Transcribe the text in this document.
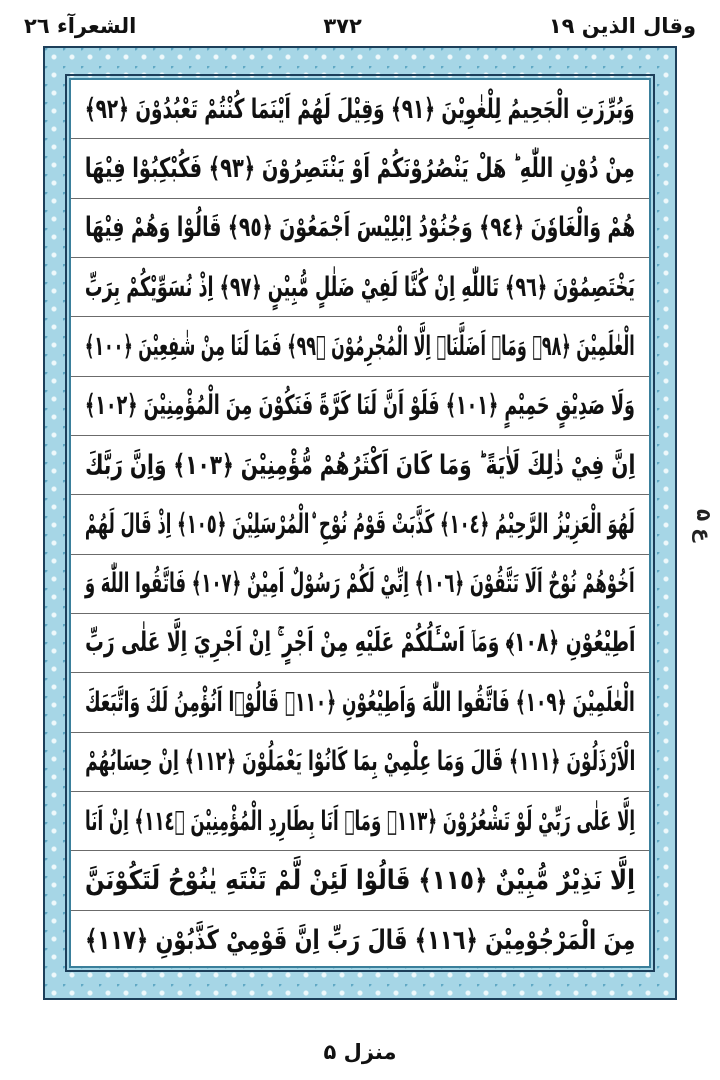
وقال الذين ١٩
٣٧٢
الشعرآء ٢٦
وَبُرِّزَتِ الْجَحِيمُ لِلْغٰوِيْنَ ﴿٩١﴾ وَقِيْلَ لَهُمْ اَيْنَمَا كُنْتُمْ تَعْبُدُوْنَ ﴿٩٢﴾
مِنْ دُوْنِ اللّٰهِ ؕ هَلْ يَنْصُرُوْنَكُمْ اَوْ يَنْتَصِرُوْنَ ﴿٩٣﴾ فَكُبْكِبُوْا فِيْهَا
هُمْ وَالْغَاوٗنَ ﴿٩٤﴾ وَجُنُوْدُ اِبْلِيْسَ اَجْمَعُوْنَ ﴿٩٥﴾ قَالُوْا وَهُمْ فِيْهَا
يَخْتَصِمُوْنَ ﴿٩٦﴾ تَاللّٰهِ اِنْ كُنَّا لَفِيْ ضَلٰلٍ مُّبِيْنٍ ﴿٩٧﴾ اِذْ نُسَوِّيْكُمْ بِرَبِّ
الْعٰلَمِيْنَ ﴿٩٨﴾ وَمَاۤ اَضَلَّنَاۤ اِلَّا الْمُجْرِمُوْنَ ﴿٩٩﴾ فَمَا لَنَا مِنْ شٰفِعِيْنَ ﴿١٠٠﴾
وَلَا صَدِيْقٍ حَمِيْمٍ ﴿١٠١﴾ فَلَوْ اَنَّ لَنَا كَرَّةً فَنَكُوْنَ مِنَ الْمُؤْمِنِيْنَ ﴿١٠٢﴾
اِنَّ فِيْ ذٰلِكَ لَاٰيَةً ؕ وَمَا كَانَ اَكْثَرُهُمْ مُّؤْمِنِيْنَ ﴿١٠٣﴾ وَاِنَّ رَبَّكَ
لَهُوَ الْعَزِيْزُ الرَّحِيْمُ ﴿١٠٤﴾ كَذَّبَتْ قَوْمُ نُوْحِ ۨالْمُرْسَلِيْنَ ﴿١٠٥﴾ اِذْ قَالَ لَهُمْ
اَخُوْهُمْ نُوْحٌ اَلَا تَتَّقُوْنَ ﴿١٠٦﴾ اِنِّيْ لَكُمْ رَسُوْلٌ اَمِيْنٌ ﴿١٠٧﴾ فَاتَّقُوا اللّٰهَ وَ
اَطِيْعُوْنِ ﴿١٠٨﴾ وَمَاۤ اَسْـَٔلُكُمْ عَلَيْهِ مِنْ اَجْرٍ ۚ اِنْ اَجْرِيَ اِلَّا عَلٰى رَبِّ
الْعٰلَمِيْنَ ﴿١٠٩﴾ فَاتَّقُوا اللّٰهَ وَاَطِيْعُوْنِ ﴿١١٠﴾ قَالُوْۤا اَنُؤْمِنُ لَكَ وَاتَّبَعَكَ
الْاَرْذَلُوْنَ ﴿١١١﴾ قَالَ وَمَا عِلْمِيْ بِمَا كَانُوْا يَعْمَلُوْنَ ﴿١١٢﴾ اِنْ حِسَابُهُمْ
اِلَّا عَلٰى رَبِّيْ لَوْ تَشْعُرُوْنَ ﴿١١٣﴾ وَمَاۤ اَنَا بِطَارِدِ الْمُؤْمِنِيْنَ ﴿١١٤﴾ اِنْ اَنَا
اِلَّا نَذِيْرٌ مُّبِيْنٌ ﴿١١٥﴾ قَالُوْا لَئِنْ لَّمْ تَنْتَهِ يٰنُوْحُ لَتَكُوْنَنَّ
مِنَ الْمَرْجُوْمِيْنَ ﴿١١٦﴾ قَالَ رَبِّ اِنَّ قَوْمِيْ كَذَّبُوْنِ ﴿١١٧﴾
ع ۵
منزل ۵
